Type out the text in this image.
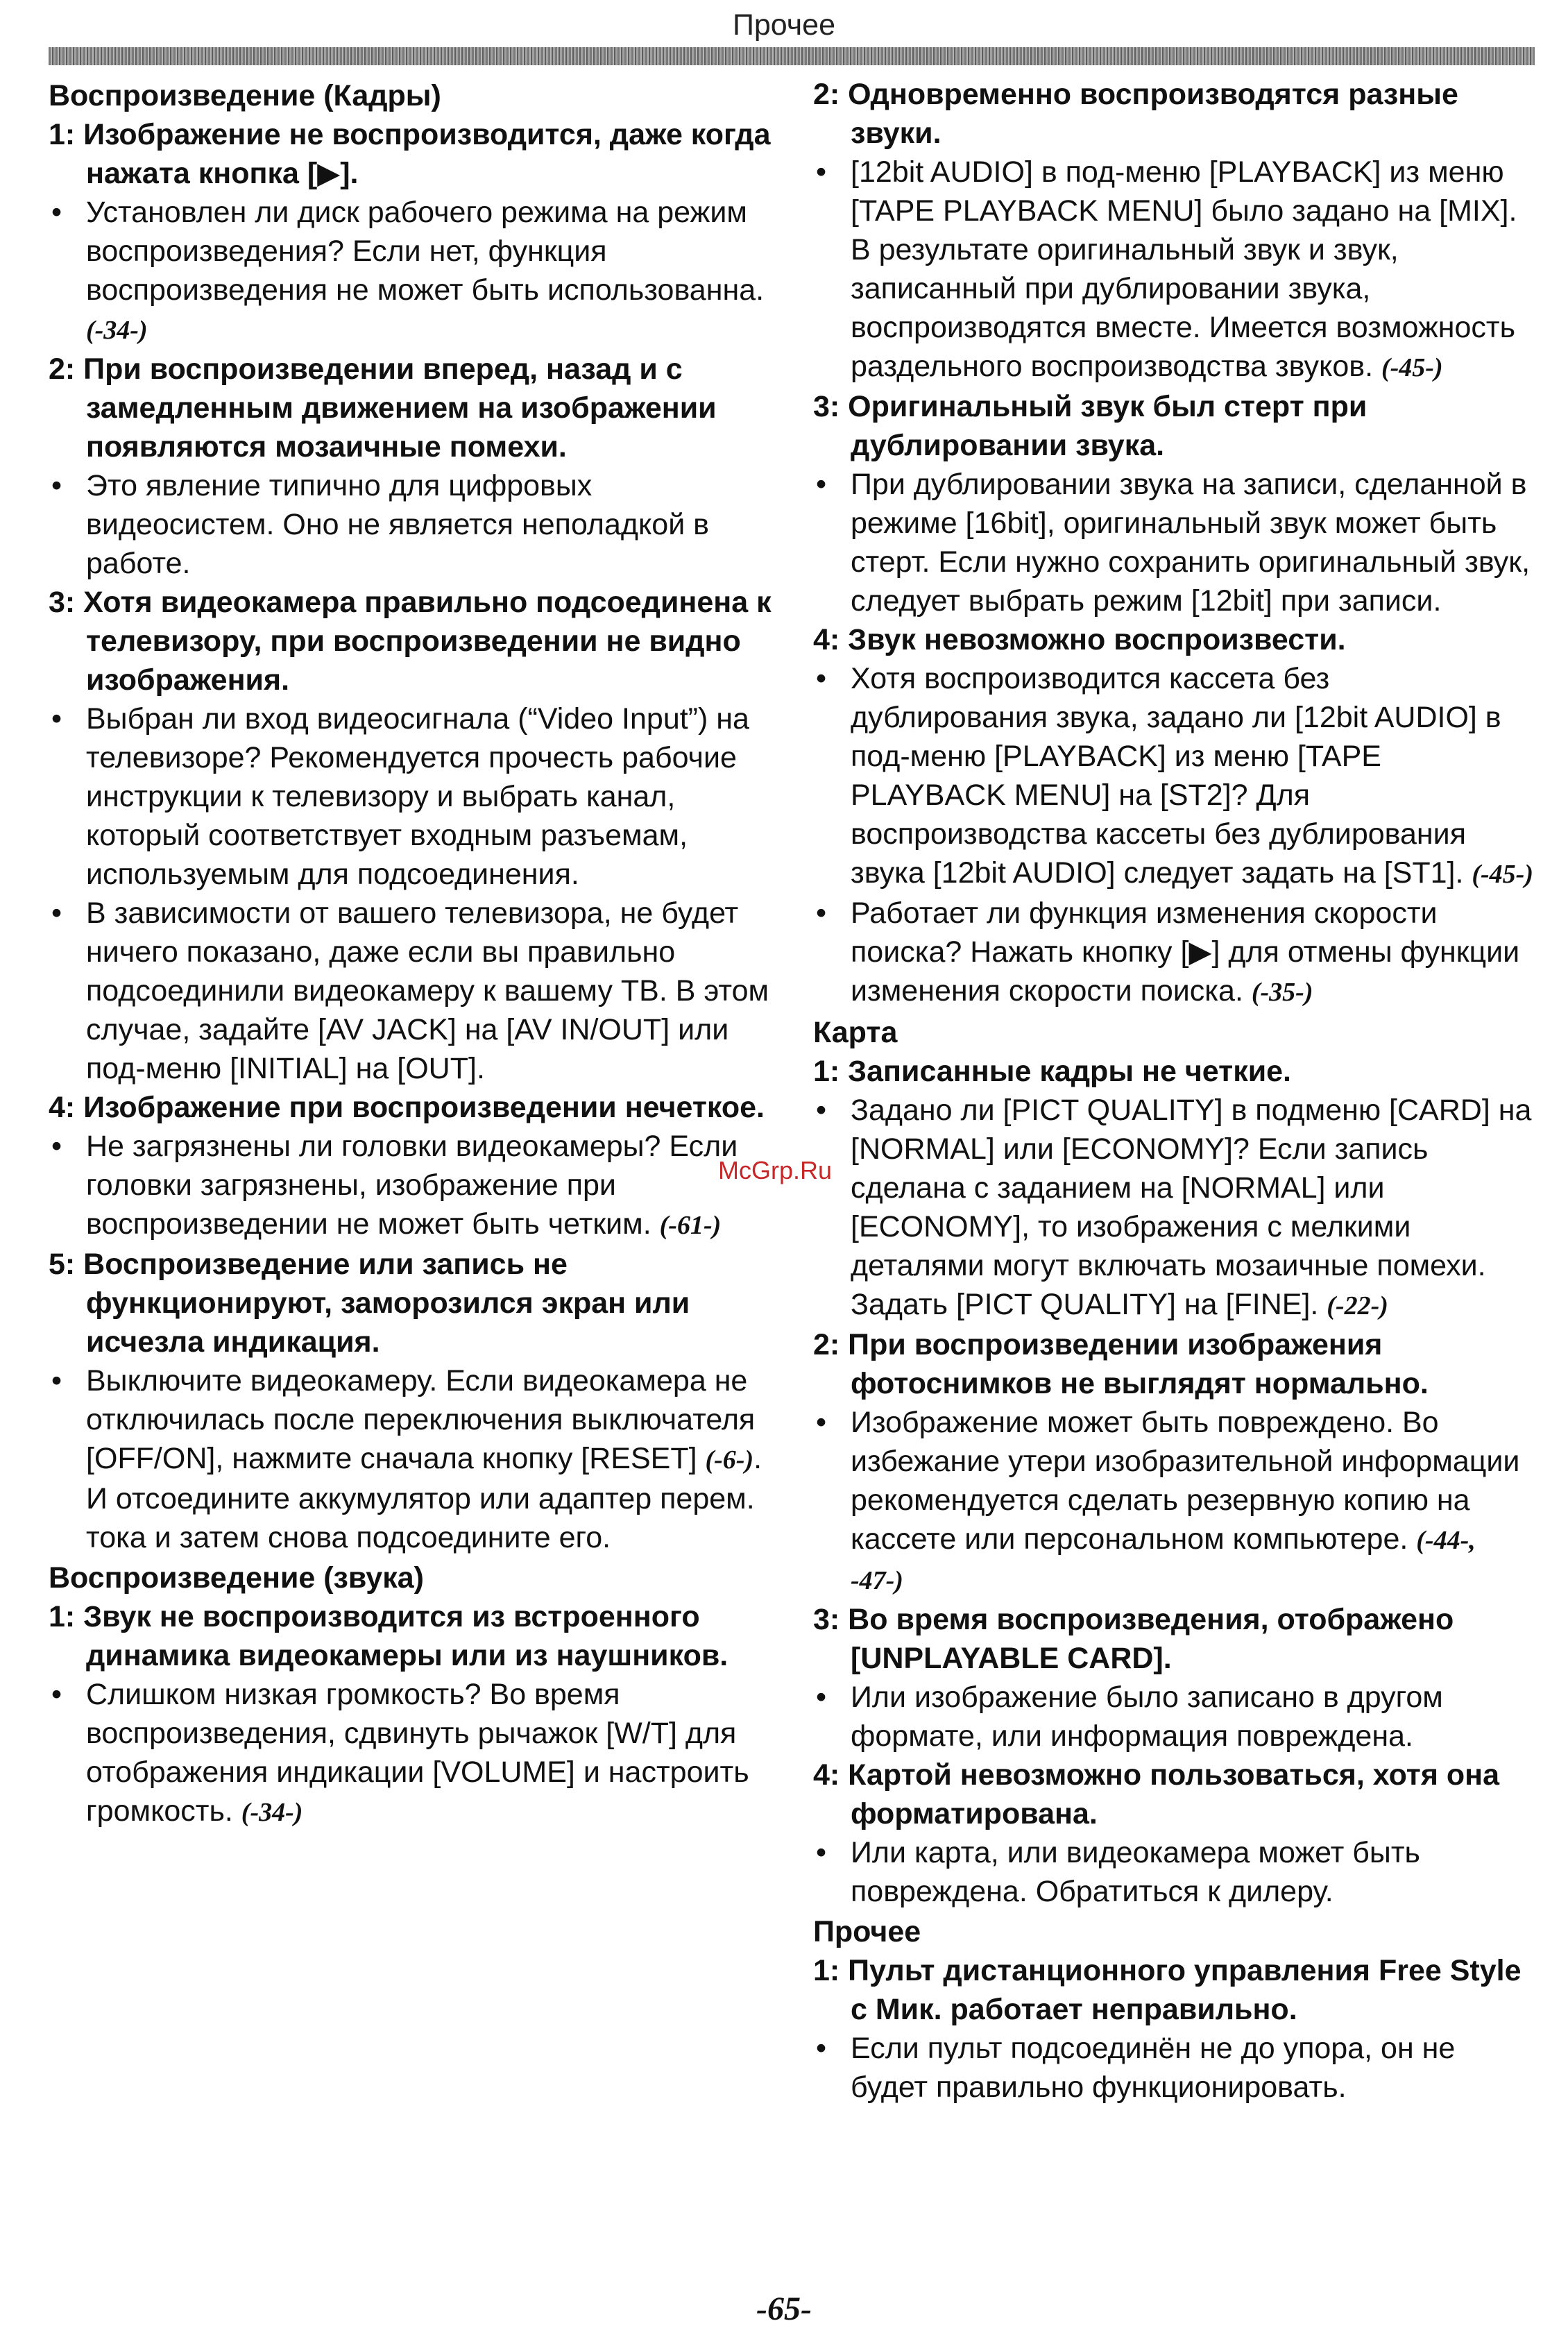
Прочее
Воспроизведение (Кадры)
1: Изображение не воспроизводится, даже когда нажата кнопка [▶].
• Установлен ли диск рабочего режима на режим воспроизведения? Если нет, функция воспроизведения не может быть использованна. (-34-)
2: При воспроизведении вперед, назад и с замедленным движением на изображении появляются мозаичные помехи.
• Это явление типично для цифровых видеосистем. Оно не является неполадкой в работе.
3: Хотя видеокамера правильно подсоединена к телевизору, при воспроизведении не видно изображения.
• Выбран ли вход видеосигнала (“Video Input”) на телевизоре? Рекомендуется прочесть рабочие инструкции к телевизору и выбрать канал, который соответствует входным разъемам, используемым для подсоединения.
• В зависимости от вашего телевизора, не будет ничего показано, даже если вы правильно подсоединили видеокамеру к вашему ТВ. В этом случае, задайте [AV JACK] на [AV IN/OUT] или под-меню [INITIAL] на [OUT].
4: Изображение при воспроизведении нечеткое.
• Не загрязнены ли головки видеокамеры? Если головки загрязнены, изображение при воспроизведении не может быть четким. (-61-)
5: Воспроизведение или запись не функционируют, заморозился экран или исчезла индикация.
• Выключите видеокамеру. Если видеокамера не отключилась после переключения выключателя [OFF/ON], нажмите сначала кнопку [RESET] (-6-). И отсоедините аккумулятор или адаптер перем. тока и затем снова подсоедините его.
Воспроизведение (звука)
1: Звук не воспроизводится из встроенного динамика видеокамеры или из наушников.
• Слишком низкая громкость? Во время воспроизведения, сдвинуть рычажок [W/T] для отображения индикации [VOLUME] и настроить громкость. (-34-)
2: Одновременно воспроизводятся разные звуки.
• [12bit AUDIO] в под-меню [PLAYBACK] из меню [TAPE PLAYBACK MENU] было задано на [MIX]. В результате оригинальный звук и звук, записанный при дублировании звука, воспроизводятся вместе. Имеется возможность раздельного воспроизводства звуков. (-45-)
3: Оригинальный звук был стерт при дублировании звука.
• При дублировании звука на записи, сделанной в режиме [16bit], оригинальный звук может быть стерт. Если нужно сохранить оригинальный звук, следует выбрать режим [12bit] при записи.
4: Звук невозможно воспроизвести.
• Хотя воспроизводится кассета без дублирования звука, задано ли [12bit AUDIO] в под-меню [PLAYBACK] из меню [TAPE PLAYBACK MENU] на [ST2]? Для воспроизводства кассеты без дублирования звука [12bit AUDIO] следует задать на [ST1]. (-45-)
• Работает ли функция изменения скорости поиска? Нажать кнопку [▶] для отмены функции изменения скорости поиска. (-35-)
Карта
1: Записанные кадры не четкие.
• Задано ли [PICT QUALITY] в подменю [CARD] на [NORMAL] или [ECONOMY]? Если запись сделана с заданием на [NORMAL] или [ECONOMY], то изображения с мелкими деталями могут включать мозаичные помехи. Задать [PICT QUALITY] на [FINE]. (-22-)
2: При воспроизведении изображения фотоснимков не выглядят нормально.
• Изображение может быть повреждено. Во избежание утери изобразительной информации рекомендуется сделать резервную копию на кассете или персональном компьютере. (-44-, -47-)
3: Во время воспроизведения, отображено [UNPLAYABLE CARD].
• Или изображение было записано в другом формате, или информация повреждена.
4: Картой невозможно пользоваться, хотя она форматирована.
• Или карта, или видеокамера может быть повреждена. Обратиться к дилеру.
Прочее
1: Пульт дистанционного управления Free Style с Мик. работает неправильно.
• Если пульт подсоединён не до упора, он не будет правильно функционировать.
McGrp.Ru
-65-
